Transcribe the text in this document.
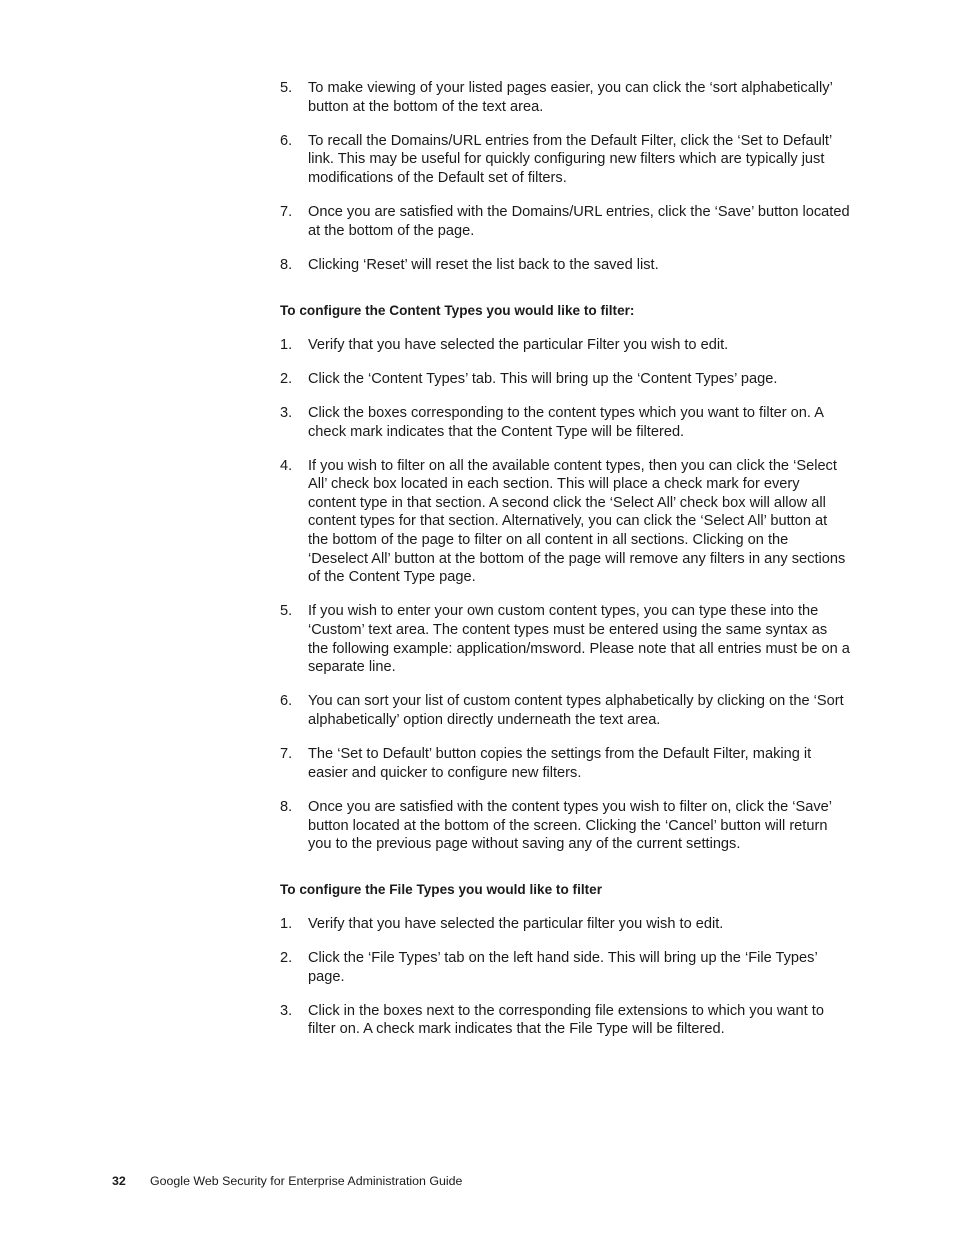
5. To make viewing of your listed pages easier, you can click the ‘sort alphabetically’ button at the bottom of the text area.
6. To recall the Domains/URL entries from the Default Filter, click the ‘Set to Default’ link. This may be useful for quickly configuring new filters which are typically just modifications of the Default set of filters.
7. Once you are satisfied with the Domains/URL entries, click the ‘Save’ button located at the bottom of the page.
8. Clicking ‘Reset’ will reset the list back to the saved list.
To configure the Content Types you would like to filter:
1. Verify that you have selected the particular Filter you wish to edit.
2. Click the ‘Content Types’ tab. This will bring up the ‘Content Types’ page.
3. Click the boxes corresponding to the content types which you want to filter on. A check mark indicates that the Content Type will be filtered.
4. If you wish to filter on all the available content types, then you can click the ‘Select All’ check box located in each section. This will place a check mark for every content type in that section. A second click the ‘Select All’ check box will allow all content types for that section. Alternatively, you can click the ‘Select All’ button at the bottom of the page to filter on all content in all sections. Clicking on the ‘Deselect All’ button at the bottom of the page will remove any filters in any sections of the Content Type page.
5. If you wish to enter your own custom content types, you can type these into the ‘Custom’ text area. The content types must be entered using the same syntax as the following example: application/msword. Please note that all entries must be on a separate line.
6. You can sort your list of custom content types alphabetically by clicking on the ‘Sort alphabetically’ option directly underneath the text area.
7. The ‘Set to Default’ button copies the settings from the Default Filter, making it easier and quicker to configure new filters.
8. Once you are satisfied with the content types you wish to filter on, click the ‘Save’ button located at the bottom of the screen. Clicking the ‘Cancel’ button will return you to the previous page without saving any of the current settings.
To configure the File Types you would like to filter
1. Verify that you have selected the particular filter you wish to edit.
2. Click the ‘File Types’ tab on the left hand side. This will bring up the ‘File Types’ page.
3. Click in the boxes next to the corresponding file extensions to which you want to filter on. A check mark indicates that the File Type will be filtered.
32 Google Web Security for Enterprise Administration Guide
